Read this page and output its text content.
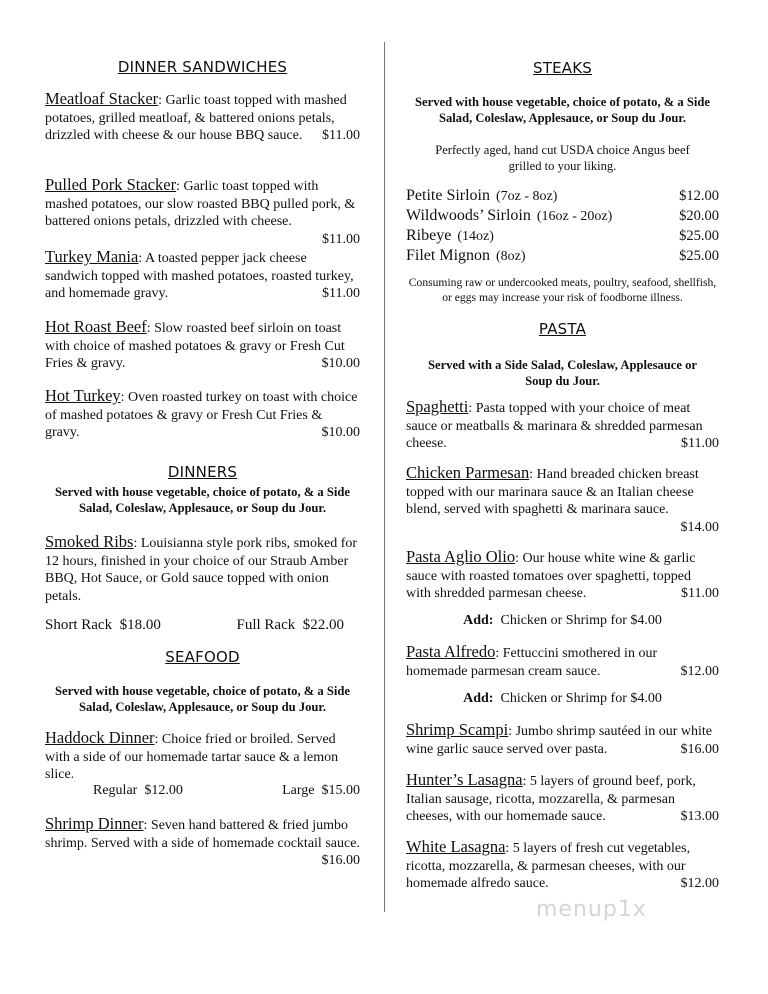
DINNER SANDWICHES
Meatloaf Stacker: Garlic toast topped with mashed potatoes, grilled meatloaf, & battered onions petals, drizzled with cheese & our house BBQ sauce. $11.00
Pulled Pork Stacker: Garlic toast topped with mashed potatoes, our slow roasted BBQ pulled pork, & battered onions petals, drizzled with cheese.
$11.00
Turkey Mania: A toasted pepper jack cheese sandwich topped with mashed potatoes, roasted turkey, and homemade gravy.	$11.00
Hot Roast Beef: Slow roasted beef sirloin on toast with choice of mashed potatoes & gravy or Fresh Cut Fries & gravy.	$10.00
Hot Turkey: Oven roasted turkey on toast with choice of mashed potatoes & gravy or Fresh Cut Fries & gravy.	$10.00
DINNERS
Served with house vegetable, choice of potato, & a Side Salad, Coleslaw, Applesauce, or Soup du Jour.
Smoked Ribs: Louisianna style pork ribs, smoked for 12 hours, finished in your choice of our Straub Amber BBQ, Hot Sauce, or Gold sauce topped with onion petals.
Short Rack $18.00	Full Rack $22.00
SEAFOOD
Served with house vegetable, choice of potato, & a Side Salad, Coleslaw, Applesauce, or Soup du Jour.
Haddock Dinner: Choice fried or broiled. Served with a side of our homemade tartar sauce & a lemon slice.
Regular $12.00	Large $15.00
Shrimp Dinner: Seven hand battered & fried jumbo shrimp. Served with a side of homemade cocktail sauce.
$16.00
STEAKS
Served with house vegetable, choice of potato, & a Side Salad, Coleslaw, Applesauce, or Soup du Jour.
Perfectly aged, hand cut USDA choice Angus beef grilled to your liking.
Petite Sirloin (7oz - 8oz)	$12.00
Wildwoods’ Sirloin (16oz - 20oz)	$20.00
Ribeye (14oz)	$25.00
Filet Mignon (8oz)	$25.00
Consuming raw or undercooked meats, poultry, seafood, shellfish, or eggs may increase your risk of foodborne illness.
PASTA
Served with a Side Salad, Coleslaw, Applesauce or Soup du Jour.
Spaghetti: Pasta topped with your choice of meat sauce or meatballs & marinara & shredded parmesan cheese.	$11.00
Chicken Parmesan: Hand breaded chicken breast topped with our marinara sauce & an Italian cheese blend, served with spaghetti & marinara sauce.
$14.00
Pasta Aglio Olio: Our house white wine & garlic sauce with roasted tomatoes over spaghetti, topped with shredded parmesan cheese.	$11.00
Add: Chicken or Shrimp for $4.00
Pasta Alfredo: Fettuccini smothered in our homemade parmesan cream sauce.	$12.00
Add: Chicken or Shrimp for $4.00
Shrimp Scampi: Jumbo shrimp sautéed in our white wine garlic sauce served over pasta.	$16.00
Hunter’s Lasagna: 5 layers of ground beef, pork, Italian sausage, ricotta, mozzarella, & parmesan cheeses, with our homemade sauce.	$13.00
White Lasagna: 5 layers of fresh cut vegetables, ricotta, mozzarella, & parmesan cheeses, with our homemade alfredo sauce.	$12.00
menup1x
